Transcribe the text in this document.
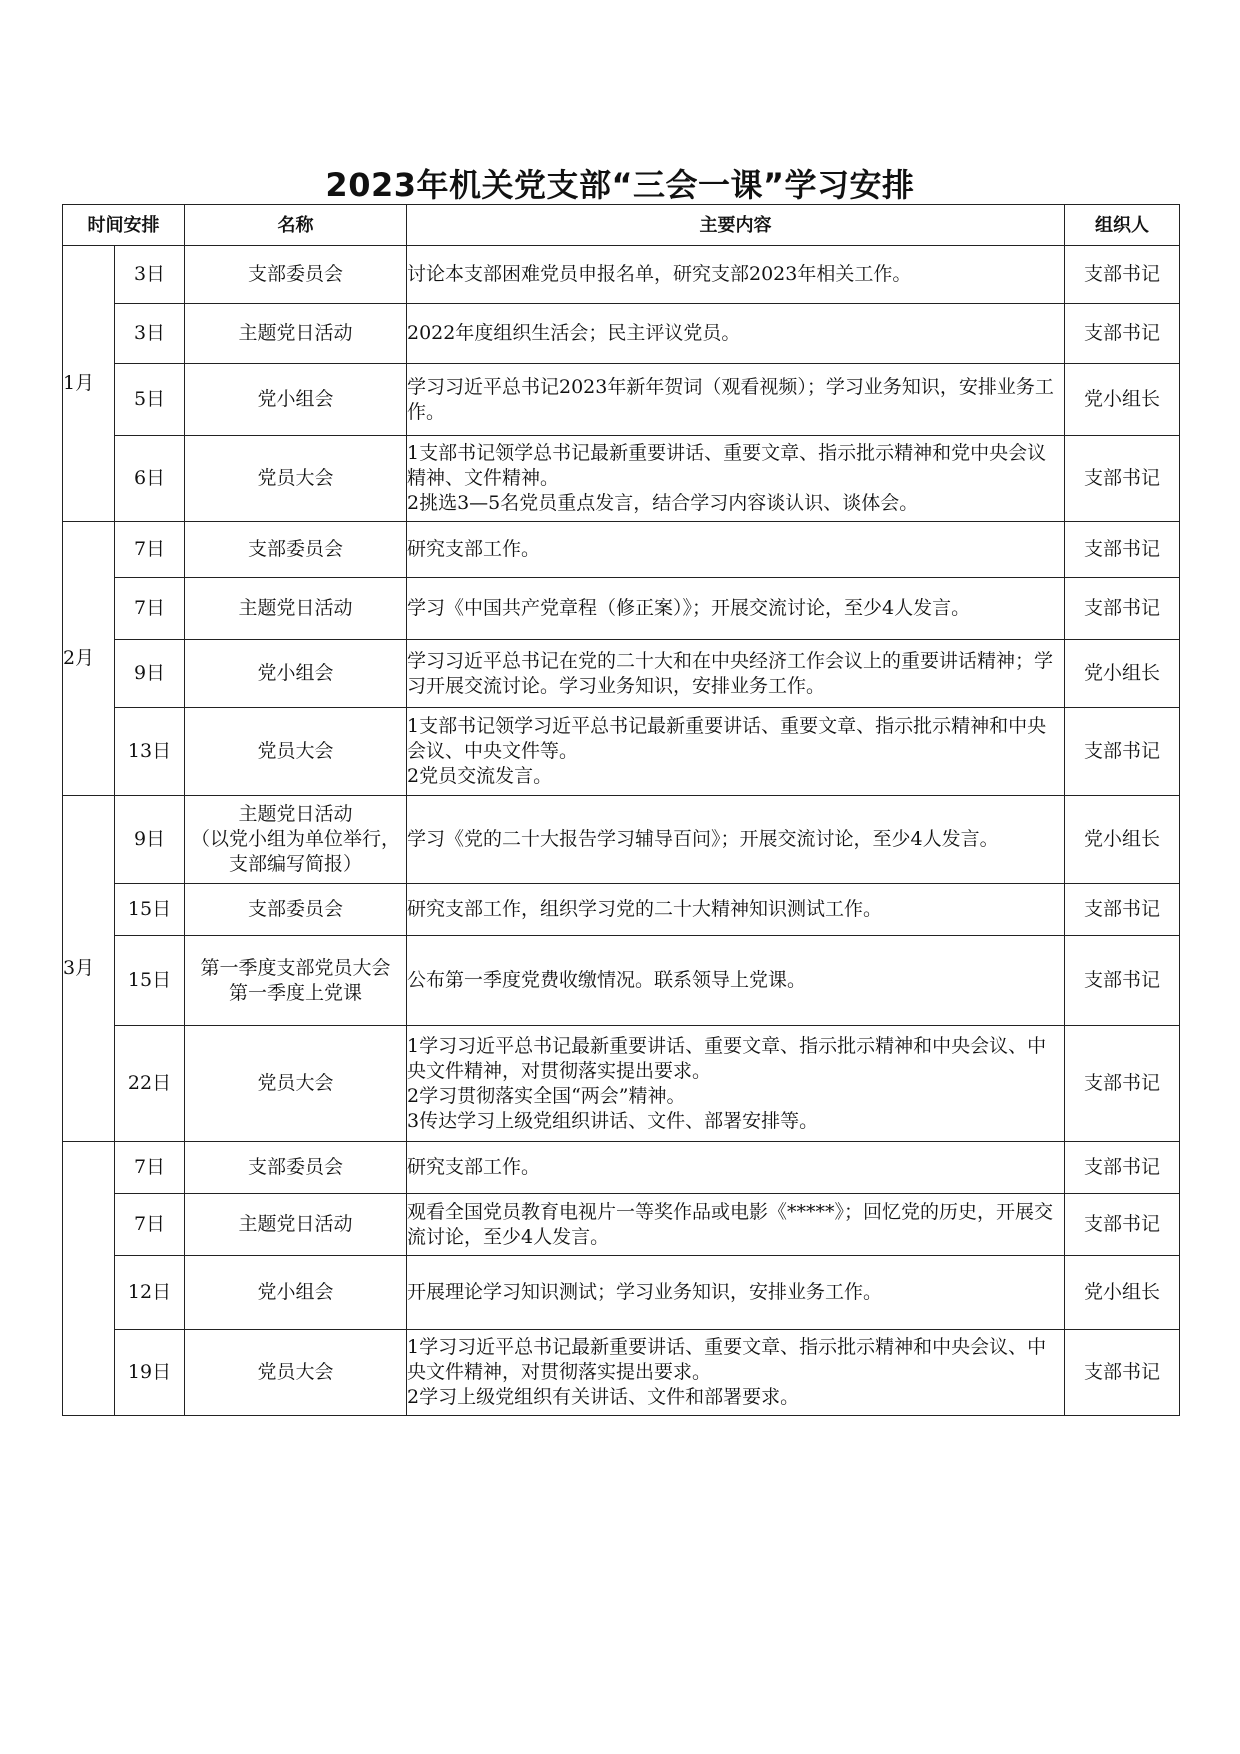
2023年机关党支部“三会一课”学习安排
时间安排		名称	主要内容	组织人
1月	3日	支部委员会	讨论本支部困难党员申报名单，研究支部2023年相关工作。	支部书记
	3日	主题党日活动	2022年度组织生活会；民主评议党员。	支部书记
	5日	党小组会	学习习近平总书记2023年新年贺词（观看视频）；学习业务知识，安排业务工作。	党小组长
	6日	党员大会	1支部书记领学总书记最新重要讲话、重要文章、指示批示精神和党中央会议精神、文件精神。
2挑选3—5名党员重点发言，结合学习内容谈认识、谈体会。	支部书记
2月	7日	支部委员会	研究支部工作。	支部书记
	7日	主题党日活动	学习《中国共产党章程（修正案）》；开展交流讨论，至少4人发言。	支部书记
	9日	党小组会	学习习近平总书记在党的二十大和在中央经济工作会议上的重要讲话精神；学习开展交流讨论。学习业务知识，安排业务工作。	党小组长
	13日	党员大会	1支部书记领学习近平总书记最新重要讲话、重要文章、指示批示精神和中央会议、中央文件等。
2党员交流发言。	支部书记
3月	9日	主题党日活动
（以党小组为单位举行，支部编写简报）	学习《党的二十大报告学习辅导百问》；开展交流讨论，至少4人发言。	党小组长
	15日	支部委员会	研究支部工作，组织学习党的二十大精神知识测试工作。	支部书记
	15日	第一季度支部党员大会
第一季度上党课	公布第一季度党费收缴情况。联系领导上党课。	支部书记
	22日	党员大会	1学习习近平总书记最新重要讲话、重要文章、指示批示精神和中央会议、中央文件精神，对贯彻落实提出要求。
2学习贯彻落实全国“两会”精神。
3传达学习上级党组织讲话、文件、部署安排等。	支部书记
	7日	支部委员会	研究支部工作。	支部书记
	7日	主题党日活动	观看全国党员教育电视片一等奖作品或电影《*****》；回忆党的历史，开展交流讨论，至少4人发言。	支部书记
	12日	党小组会	开展理论学习知识测试；学习业务知识，安排业务工作。	党小组长
	19日	党员大会	1学习习近平总书记最新重要讲话、重要文章、指示批示精神和中央会议、中央文件精神，对贯彻落实提出要求。
2学习上级党组织有关讲话、文件和部署要求。	支部书记
